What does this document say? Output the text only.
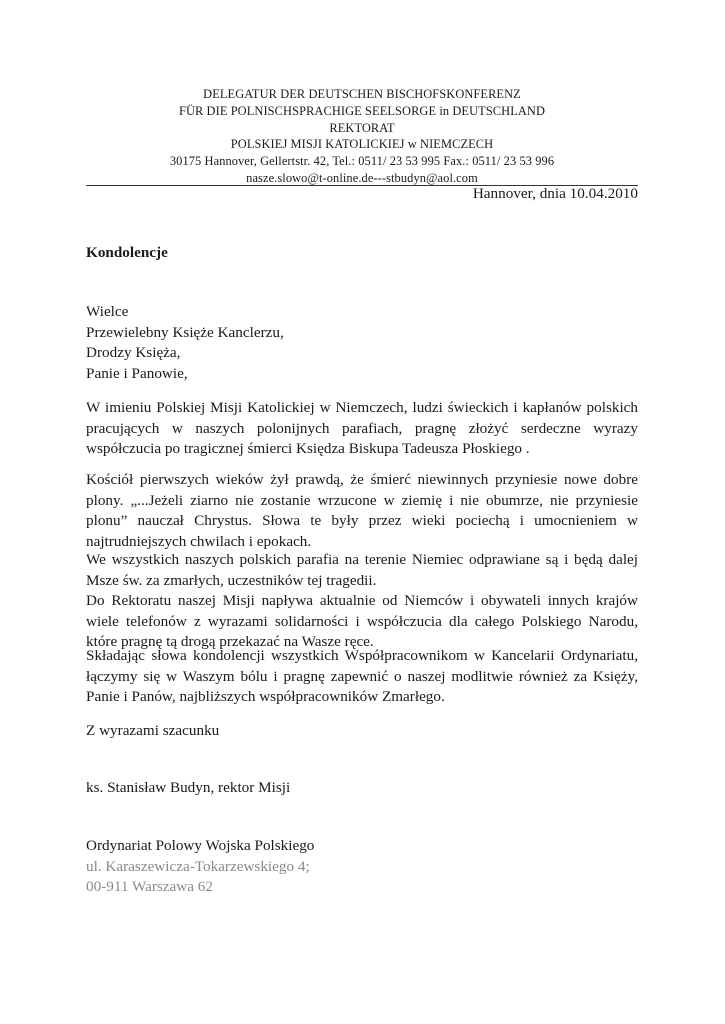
DELEGATUR DER DEUTSCHEN BISCHOFSKONFERENZ
FÜR DIE POLNISCHSPRACHIGE SEELSORGE in DEUTSCHLAND
REKTORAT
POLSKIEJ MISJI KATOLICKIEJ w NIEMCZECH
30175 Hannover, Gellertstr. 42, Tel.: 0511/ 23 53 995 Fax.: 0511/ 23 53 996
nasze.slowo@t-online.de---stbudyn@aol.com
Hannover, dnia 10.04.2010
Kondolencje
Wielce
Przewielebny Księże Kanclerzu,
Drodzy Księża,
Panie i Panowie,
W imieniu Polskiej Misji Katolickiej w Niemczech, ludzi świeckich i kapłanów polskich pracujących w naszych polonijnych parafiach, pragnę złożyć serdeczne wyrazy współczucia po tragicznej śmierci Księdza Biskupa Tadeusza Płoskiego .
Kościół pierwszych wieków żył prawdą, że śmierć niewinnych przyniesie nowe dobre plony. „...Jeżeli ziarno nie zostanie wrzucone w ziemię i nie obumrze, nie przyniesie plonu” nauczał Chrystus. Słowa te były przez wieki pociechą i umocnieniem w najtrudniejszych chwilach i epokach.
We wszystkich naszych polskich parafia na terenie Niemiec odprawiane są i będą dalej Msze św. za zmarłych, uczestników tej tragedii.
Do Rektoratu naszej Misji napływa aktualnie od Niemców i obywateli innych krajów wiele telefonów z wyrazami solidarności i współczucia dla całego Polskiego Narodu, które pragnę tą drogą przekazać na Wasze ręce.
Składając słowa kondolencji wszystkich Współpracownikom w Kancelarii Ordynariatu, łączymy się w Waszym bólu i pragnę zapewnić o naszej modlitwie również za Księży, Panie i Panów, najbliższych współpracowników Zmarłego.
Z wyrazami szacunku
ks. Stanisław Budyn, rektor Misji
Ordynariat Polowy Wojska Polskiego
ul. Karaszewicza-Tokarzewskiego 4;
00-911 Warszawa 62
